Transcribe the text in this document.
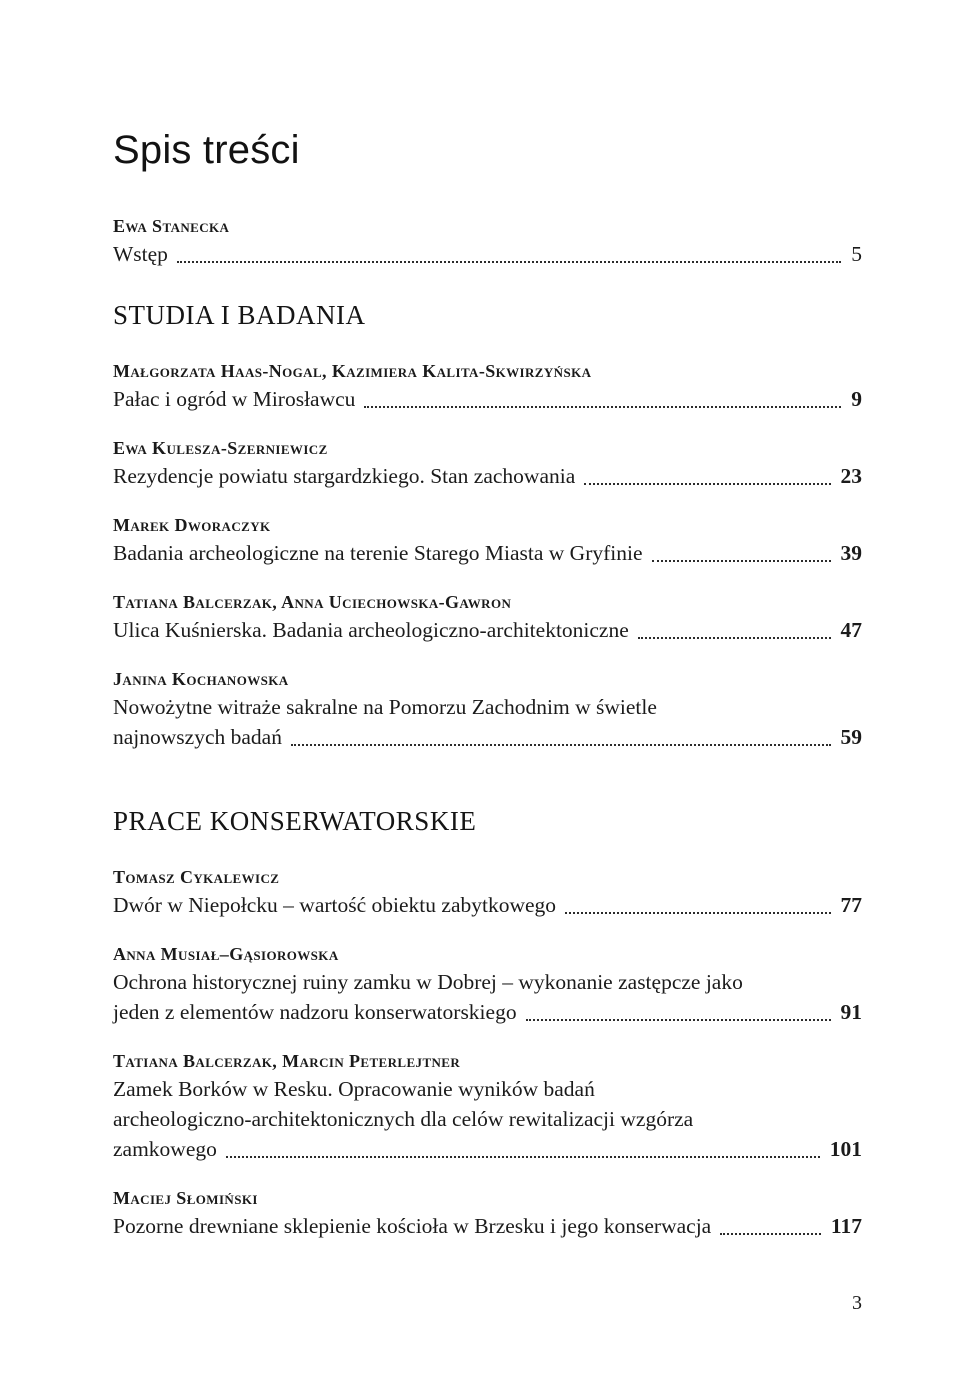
Spis treści
Ewa Stanecka
Wstęp	5
STUDIA I BADANIA
Małgorzata Haas-Nogal, Kazimiera Kalita-Skwirzyńska
Pałac i ogród w Mirosławcu	9
Ewa Kulesza-Szerniewicz
Rezydencje powiatu stargardzkiego. Stan zachowania	23
Marek Dworaczyk
Badania archeologiczne na terenie Starego Miasta w Gryfinie	39
Tatiana Balcerzak, Anna Uciechowska-Gawron
Ulica Kuśnierska. Badania archeologiczno-architektoniczne	47
Janina Kochanowska
Nowożytne witraże sakralne na Pomorzu Zachodnim w świetle
najnowszych badań	59
PRACE KONSERWATORSKIE
Tomasz Cykalewicz
Dwór w Niepołcku – wartość obiektu zabytkowego	77
Anna Musiał–Gąsiorowska
Ochrona historycznej ruiny zamku w Dobrej – wykonanie zastępcze jako
jeden z elementów nadzoru konserwatorskiego	91
Tatiana Balcerzak, Marcin Peterlejtner
Zamek Borków w Resku. Opracowanie wyników badań
archeologiczno-architektonicznych dla celów rewitalizacji wzgórza
zamkowego	101
Maciej Słomiński
Pozorne drewniane sklepienie kościoła w Brzesku i jego konserwacja	117
3
